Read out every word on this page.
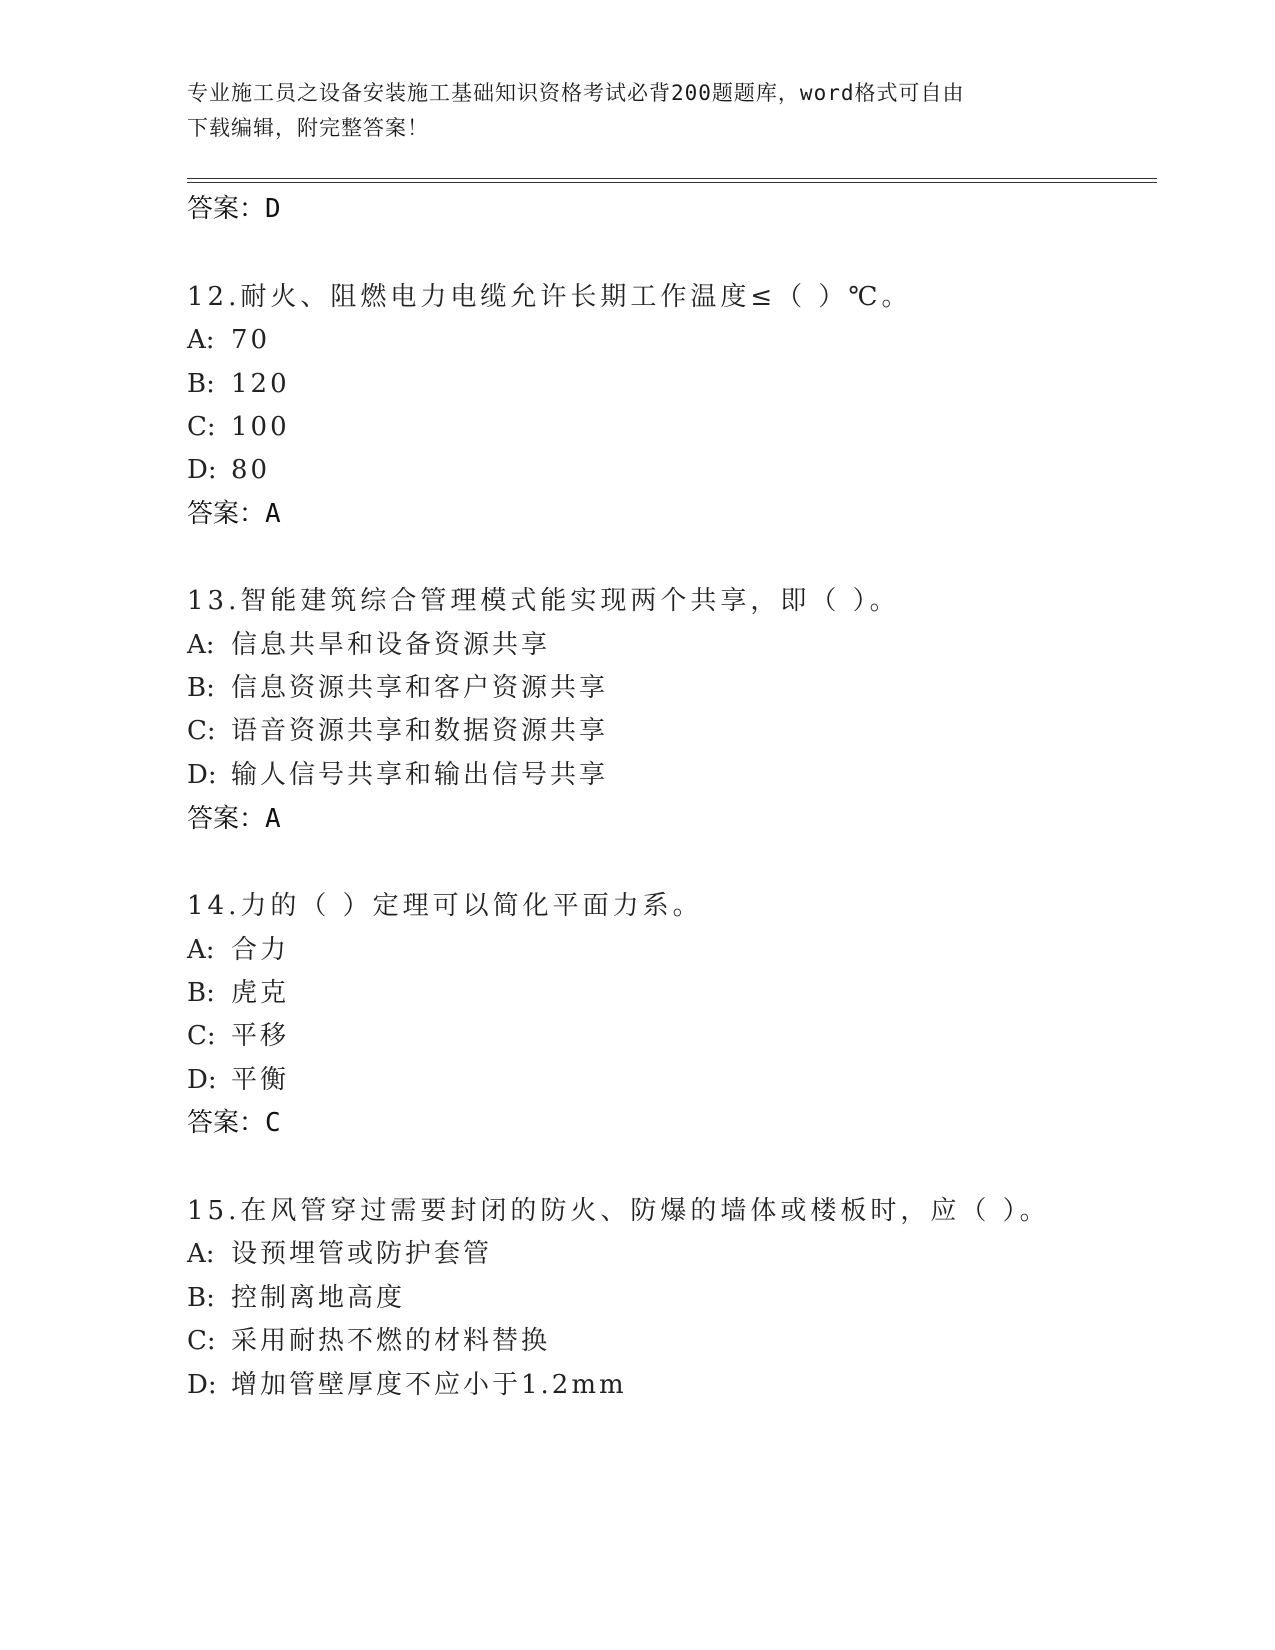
专业施工员之设备安装施工基础知识资格考试必背200题题库，word格式可自由
下载编辑，附完整答案！
答案：D
12.耐火、阻燃电力电缆允许长期工作温度≤（ ）℃。
A: 70
B: 120
C: 100
D: 80
答案：A
13.智能建筑综合管理模式能实现两个共享，即（ ）。
A: 信息共旱和设备资源共享
B: 信息资源共享和客户资源共享
C: 语音资源共享和数据资源共享
D: 输人信号共享和输出信号共享
答案：A
14.力的（ ）定理可以简化平面力系。
A: 合力
B: 虎克
C: 平移
D: 平衡
答案：C
15.在风管穿过需要封闭的防火、防爆的墙体或楼板时，应（ ）。
A: 设预埋管或防护套管
B: 控制离地高度
C: 采用耐热不燃的材料替换
D: 增加管壁厚度不应小于1.2mm
